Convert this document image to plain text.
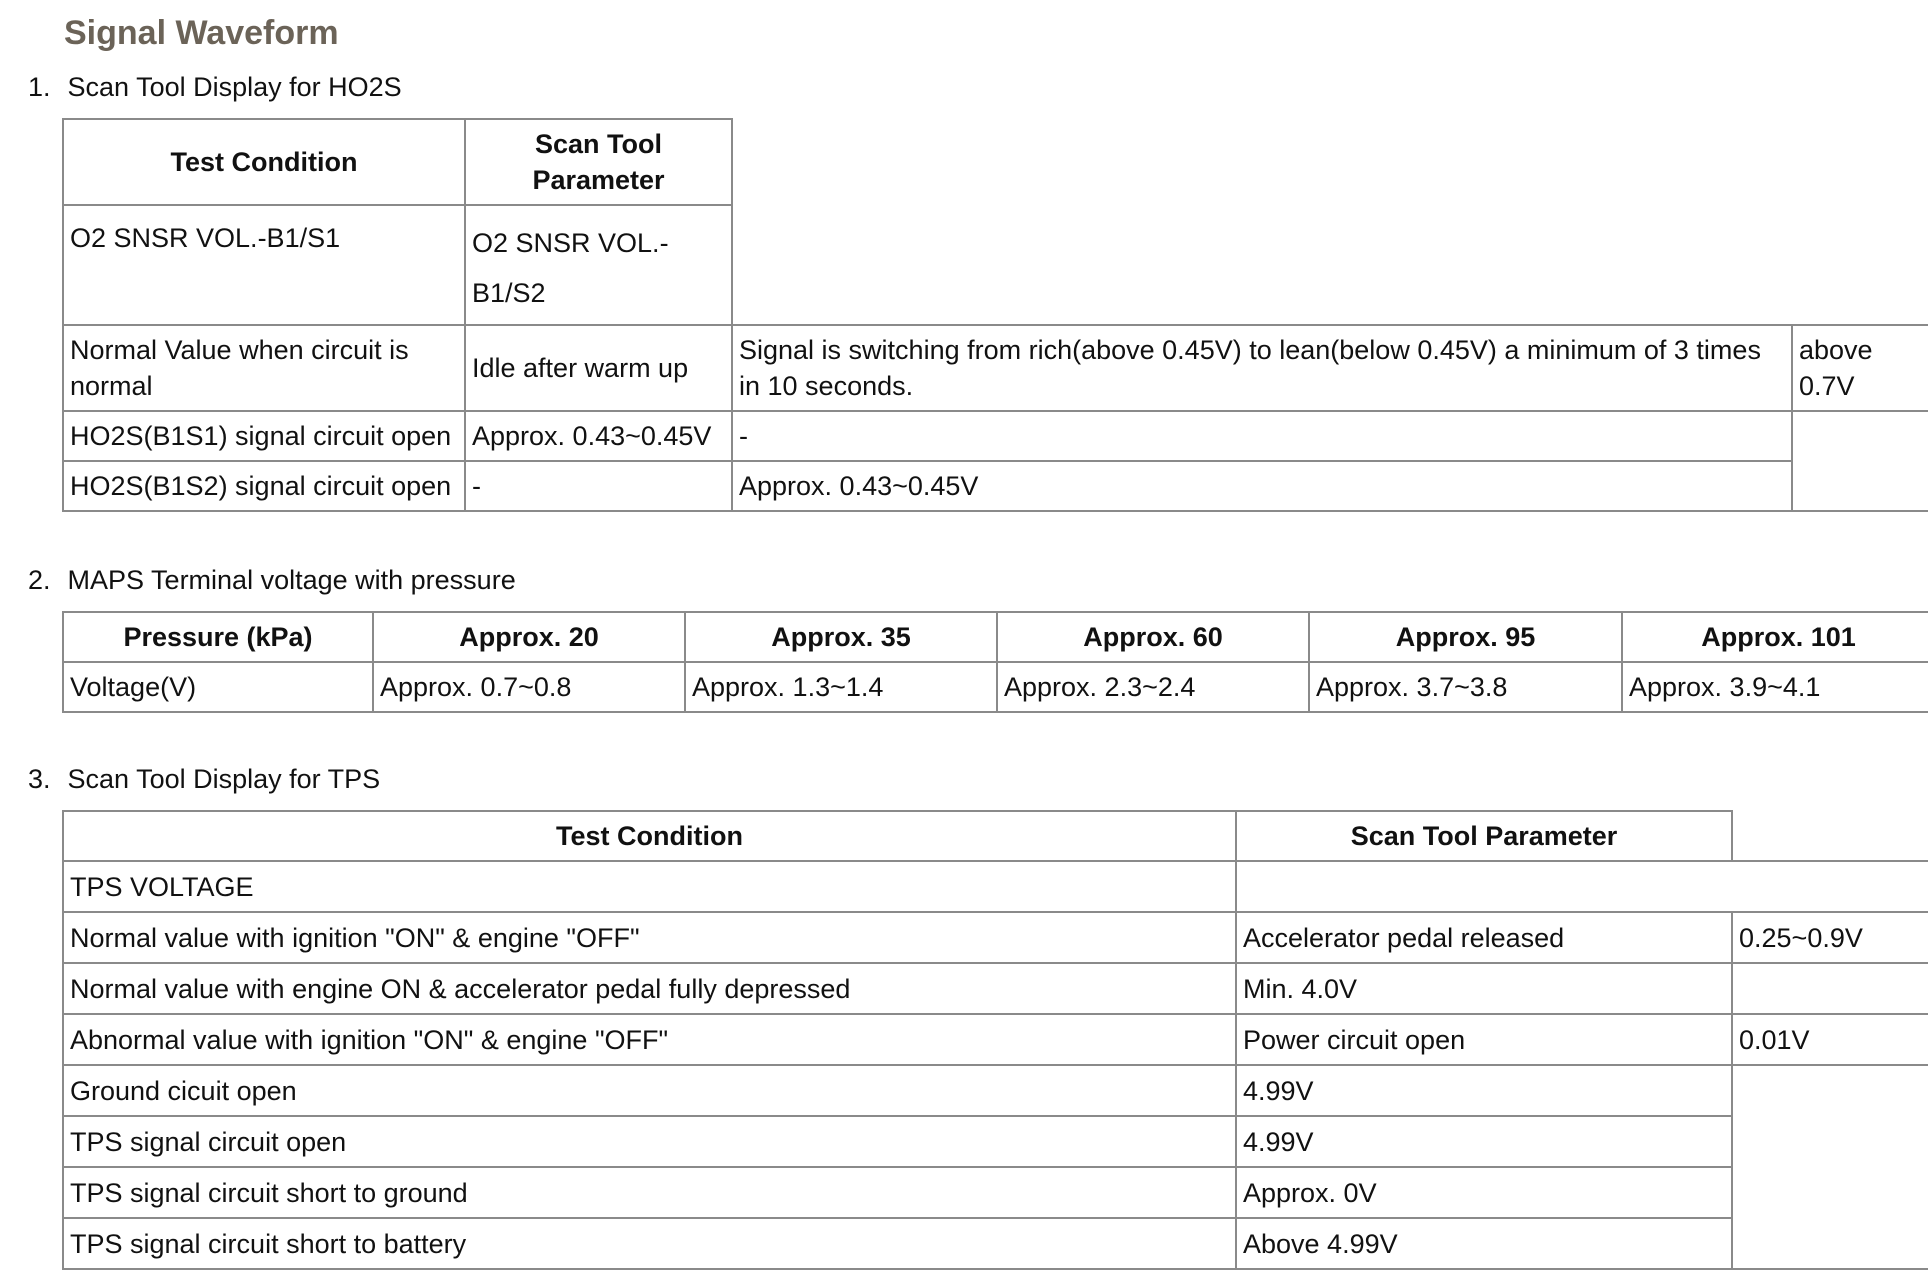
Signal Waveform
1. Scan Tool Display for HO2S
Test Condition	Scan Tool
Parameter		

O2 SNSR VOL.-B1/S1	O2 SNSR VOL.-
B1/S2		

Normal Value when circuit is normal	Idle after warm up	Signal is switching from rich(above 0.45V) to lean(below 0.45V) a minimum of 3 times in 10 seconds.	above 0.7V
HO2S(B1S1) signal circuit open	Approx. 0.43~0.45V	-	
HO2S(B1S2) signal circuit open	-	Approx. 0.43~0.45V	
2. MAPS Terminal voltage with pressure
Pressure (kPa)	Approx. 20	Approx. 35	Approx. 60	Approx. 95	Approx. 101
Voltage(V)	Approx. 0.7~0.8	Approx. 1.3~1.4	Approx. 2.3~2.4	Approx. 3.7~3.8	Approx. 3.9~4.1
3. Scan Tool Display for TPS
Test Condition	Scan Tool Parameter	
TPS VOLTAGE		
Normal value with ignition "ON" & engine "OFF"	Accelerator pedal released	0.25~0.9V
Normal value with engine ON & accelerator pedal fully depressed	Min. 4.0V	
Abnormal value with ignition "ON" & engine "OFF"	Power circuit open	0.01V
Ground cicuit open	4.99V	
TPS signal circuit open	4.99V	
TPS signal circuit short to ground	Approx. 0V	
TPS signal circuit short to battery	Above 4.99V	
